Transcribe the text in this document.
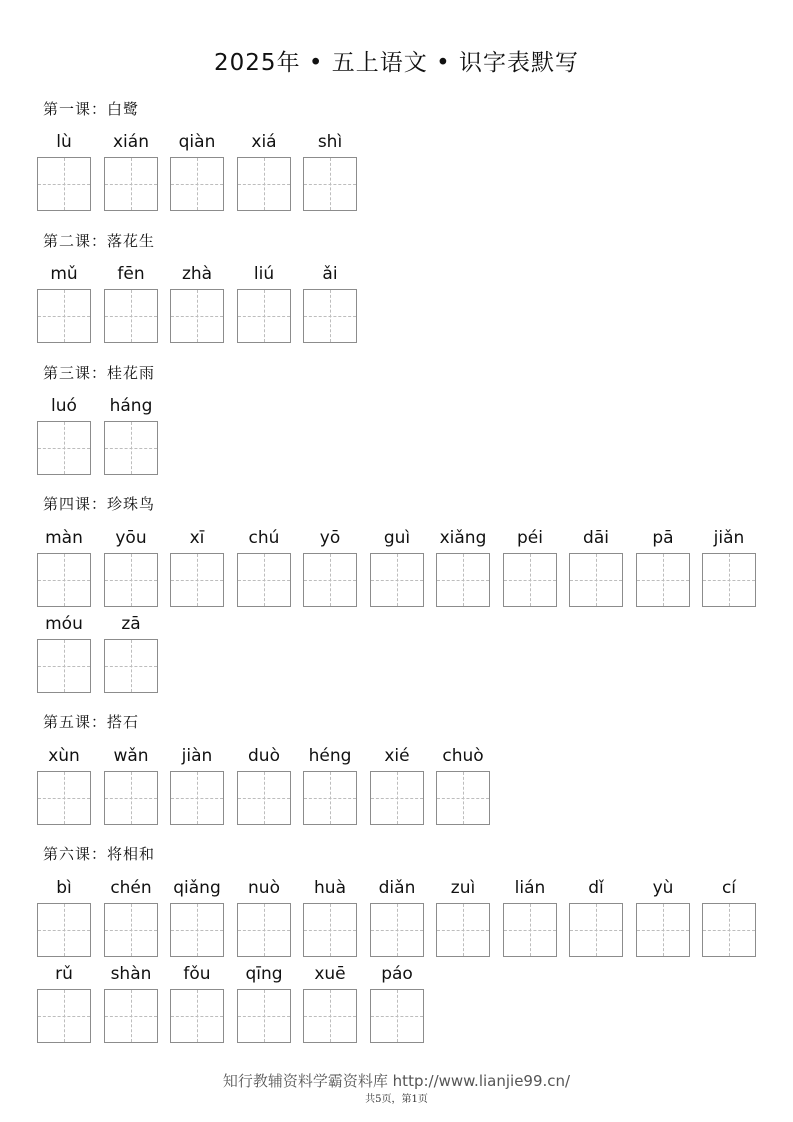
2025年 • 五上语文 • 识字表默写
第一课：白鹭
lù	xián	qiàn	xiá	shì
第二课：落花生
mǔ	fēn	zhà	liú	ǎi
第三课：桂花雨
luó	háng
第四课：珍珠鸟
màn	yōu	xī	chú	yō	guì	xiǎng	péi	dāi	pā	jiǎn
móu	zā
第五课：搭石
xùn	wǎn	jiàn	duò	héng	xié	chuò
第六课：将相和
bì	chén	qiǎng	nuò	huà	diǎn	zuì	lián	dǐ	yù	cí
rǔ	shàn	fǒu	qīng	xuē	páo
知行教辅资料学霸资料库 http://www.lianjie99.cn/
共5页，第1页
